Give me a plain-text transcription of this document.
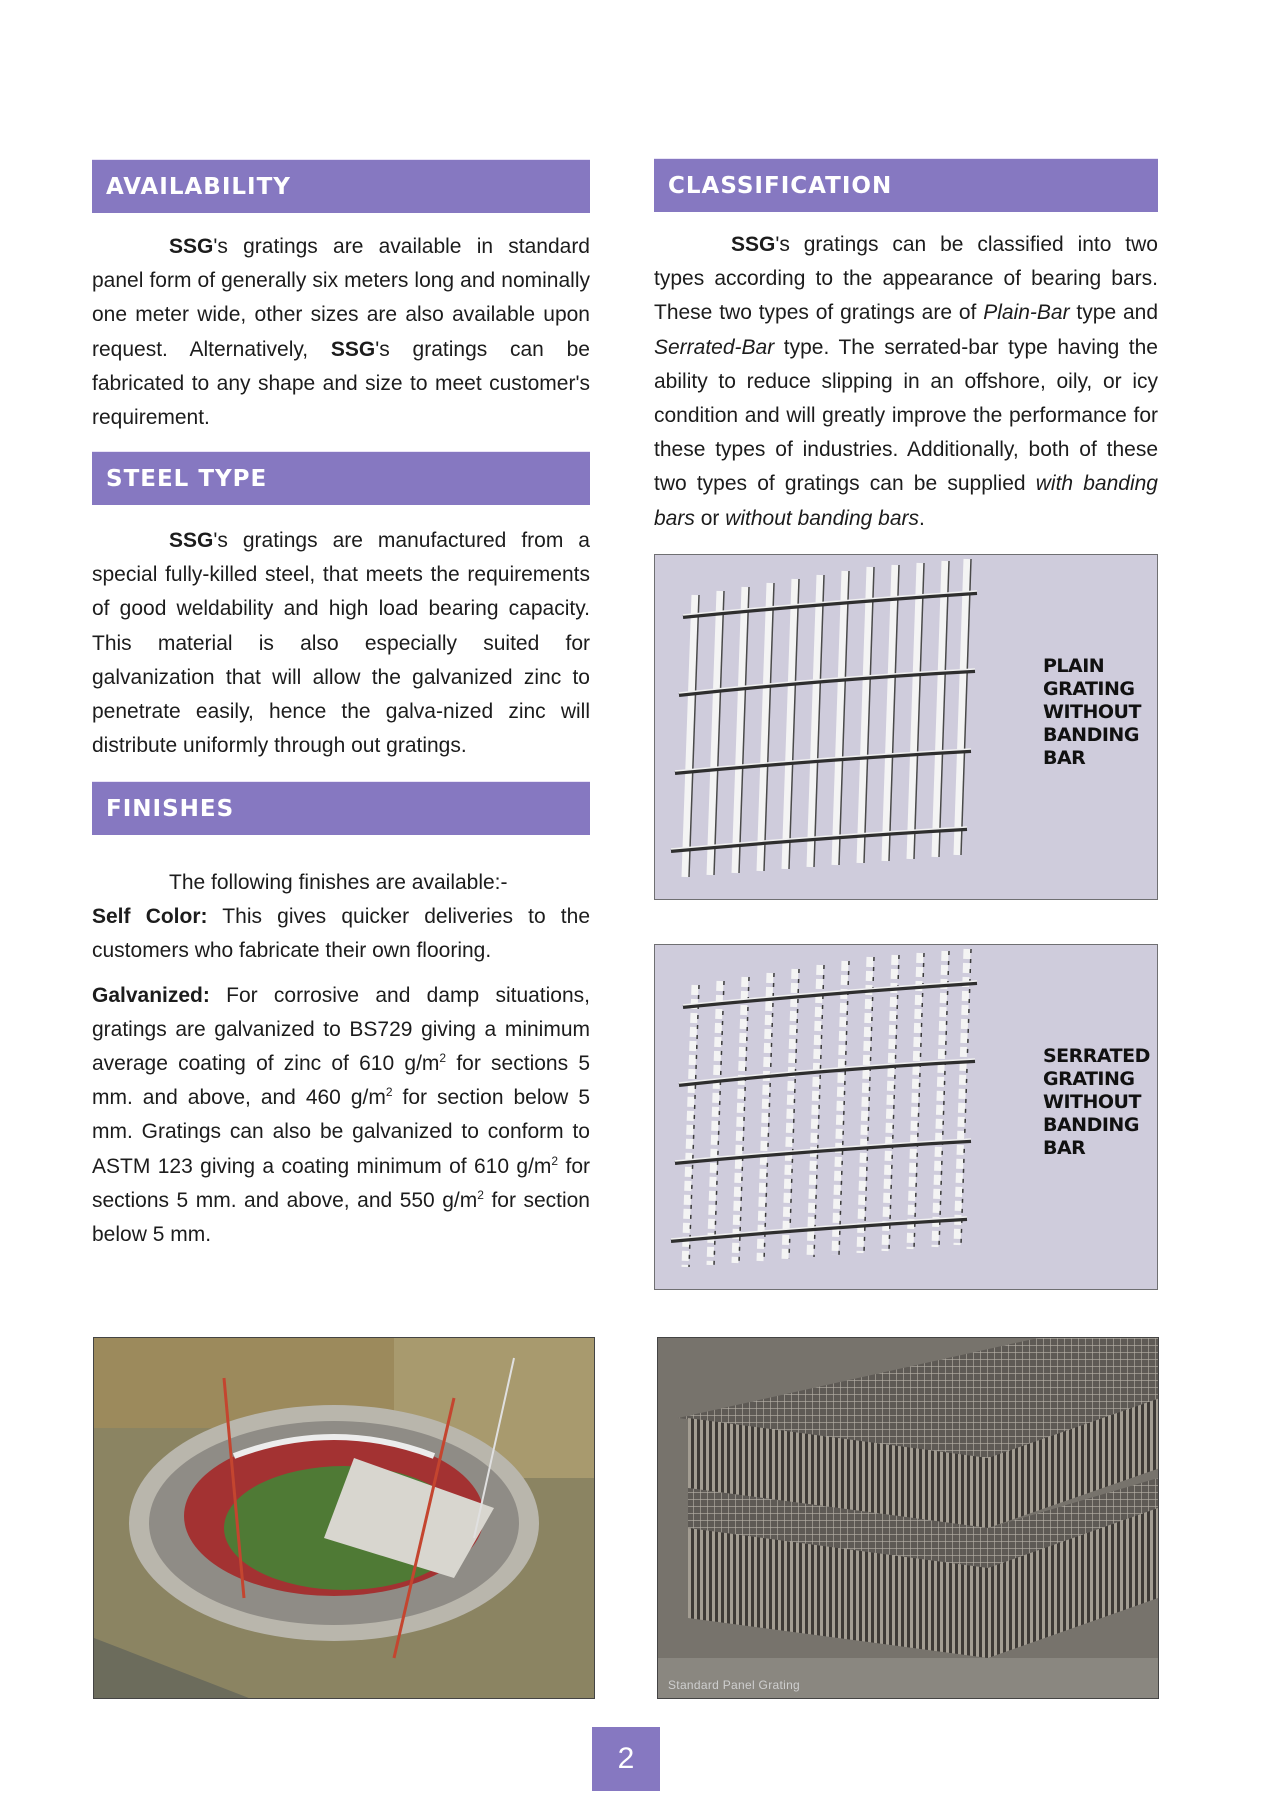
AVAILABILITY

SSG's gratings are available in standard panel form of generally six meters long and nominally one meter wide, other sizes are also available upon request. Alternatively, SSG's gratings can be fabricated to any shape and size to meet customer's requirement.

STEEL TYPE

SSG's gratings are manufactured from a special fully-killed steel, that meets the requirements of good weldability and high load bearing capacity. This material is also especially suited for galvanization that will allow the galvanized zinc to penetrate easily, hence the galva-nized zinc will distribute uniformly through out gratings.

FINISHES

The following finishes are available:-

Self Color: This gives quicker deliveries to the customers who fabricate their own flooring.

Galvanized: For corrosive and damp situations, gratings are galvanized to BS729 giving a minimum average coating of zinc of 610 $g/m^2$ for sections 5 mm. and above, and 460 $g/m^2$ for section below 5 mm. Gratings can also be galvanized to conform to ASTM 123 giving a coating minimum of 610 $g/m^2$ for sections 5 mm. and above, and 550 $g/m^2$ for section below 5 mm.

CLASSIFICATION

SSG's gratings can be classified into two types according to the appearance of bearing bars. These two types of gratings are of Plain-Bar type and Serrated-Bar type. The serrated-bar type having the ability to reduce slipping in an offshore, oily, or icy condition and will greatly improve the performance for these types of industries. Additionally, both of these two types of gratings can be supplied with banding bars or without banding bars.

PLAIN GRATING WITHOUT BANDING BAR
SERRATED GRATING WITHOUT BANDING BAR
Standard Panel Grating
2
